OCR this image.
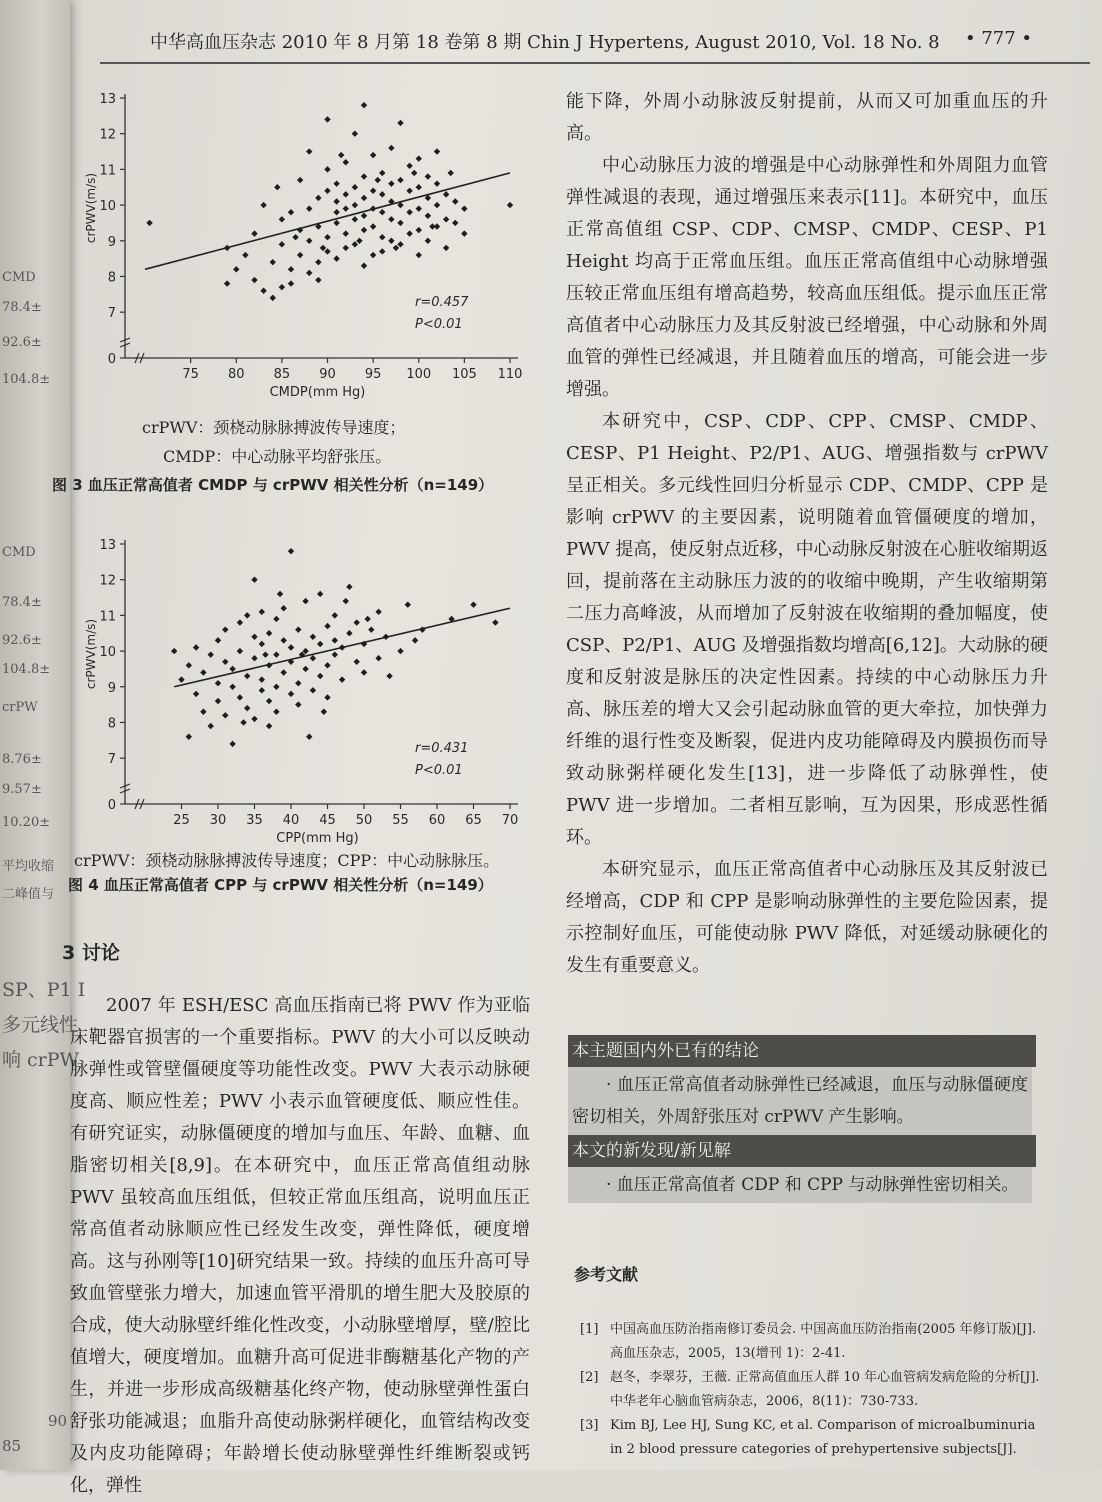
CMD
78.4±
92.6±
104.8±
CMD
78.4±
92.6±
104.8±
crPW
8.76±
9.57±
10.20±
平均收缩
二峰值与
SP、P1 I
多元线性
响 crPW
85
90
中华高血压杂志 2010 年 8 月第 18 卷第 8 期 Chin J Hypertens, August 2010, Vol. 18 No. 8 • 777 •
0
7
8
9
10
11
12
13
75 80 85 90 95 100 105 110
CMDP(mm Hg)
crPWV(m/s)
r=0.457
P<0.01
crPWV：颈桡动脉脉搏波传导速度；
CMDP：中心动脉平均舒张压。
图 3 血压正常高值者 CMDP 与 crPWV 相关性分析（n=149）
0
7
8
9
10
11
12
13
25 30 35 40 45 50 55 60 65 70
CPP(mm Hg)
crPWV(m/s)
r=0.431
P<0.01
crPWV：颈桡动脉脉搏波传导速度；CPP：中心动脉脉压。
图 4 血压正常高值者 CPP 与 crPWV 相关性分析（n=149）
3 讨论

2007 年 ESH/ESC 高血压指南已将 PWV 作为亚临床靶器官损害的一个重要指标。PWV 的大小可以反映动脉弹性或管壁僵硬度等功能性改变。PWV 大表示动脉硬度高、顺应性差；PWV 小表示血管硬度低、顺应性佳。有研究证实，动脉僵硬度的增加与血压、年龄、血糖、血脂密切相关[8,9]。在本研究中，血压正常高值组动脉 PWV 虽较高血压组低，但较正常血压组高，说明血压正常高值者动脉顺应性已经发生改变，弹性降低，硬度增高。这与孙刚等[10]研究结果一致。持续的血压升高可导致血管壁张力增大，加速血管平滑肌的增生肥大及胶原的合成，使大动脉壁纤维化性改变，小动脉壁增厚，壁/腔比值增大，硬度增加。血糖升高可促进非酶糖基化产物的产生，并进一步形成高级糖基化终产物，使动脉壁弹性蛋白舒张功能减退；血脂升高使动脉粥样硬化，血管结构改变及内皮功能障碍；年龄增长使动脉壁弹性纤维断裂或钙化，弹性

能下降，外周小动脉波反射提前，从而又可加重血压的升高。

中心动脉压力波的增强是中心动脉弹性和外周阻力血管弹性减退的表现，通过增强压来表示[11]。本研究中，血压正常高值组 CSP、CDP、CMSP、CMDP、CESP、P1 Height 均高于正常血压组。血压正常高值组中心动脉增强压较正常血压组有增高趋势，较高血压组低。提示血压正常高值者中心动脉压力及其反射波已经增强，中心动脉和外周血管的弹性已经减退，并且随着血压的增高，可能会进一步增强。

本研究中，CSP、CDP、CPP、CMSP、CMDP、CESP、P1 Height、P2/P1、AUG、增强指数与 crPWV 呈正相关。多元线性回归分析显示 CDP、CMDP、CPP 是影响 crPWV 的主要因素，说明随着血管僵硬度的增加，PWV 提高，使反射点近移，中心动脉反射波在心脏收缩期返回，提前落在主动脉压力波的的收缩中晚期，产生收缩期第二压力高峰波，从而增加了反射波在收缩期的叠加幅度，使 CSP、P2/P1、AUG 及增强指数均增高[6,12]。大动脉的硬度和反射波是脉压的决定性因素。持续的中心动脉压力升高、脉压差的增大又会引起动脉血管的更大牵拉，加快弹力纤维的退行性变及断裂，促进内皮功能障碍及内膜损伤而导致动脉粥样硬化发生[13]，进一步降低了动脉弹性，使 PWV 进一步增加。二者相互影响，互为因果，形成恶性循环。

本研究显示，血压正常高值者中心动脉压及其反射波已经增高，CDP 和 CPP 是影响动脉弹性的主要危险因素，提示控制好血压，可能使动脉 PWV 降低，对延缓动脉硬化的发生有重要意义。

本主题国内外已有的结论

· 血压正常高值者动脉弹性已经减退，血压与动脉僵硬度密切相关，外周舒张压对 crPWV 产生影响。

本文的新发现/新见解

· 血压正常高值者 CDP 和 CPP 与动脉弹性密切相关。

参考文献
[1] 中国高血压防治指南修订委员会. 中国高血压防治指南(2005 年修订版)[J]. 高血压杂志，2005，13(增刊 1)：2-41.
[2] 赵冬，李翠芬，王薇. 正常高值血压人群 10 年心血管病发病危险的分析[J]. 中华老年心脑血管病杂志，2006，8(11)：730-733.
[3] Kim BJ, Lee HJ, Sung KC, et al. Comparison of microalbuminuria in 2 blood pressure categories of prehypertensive subjects[J].
